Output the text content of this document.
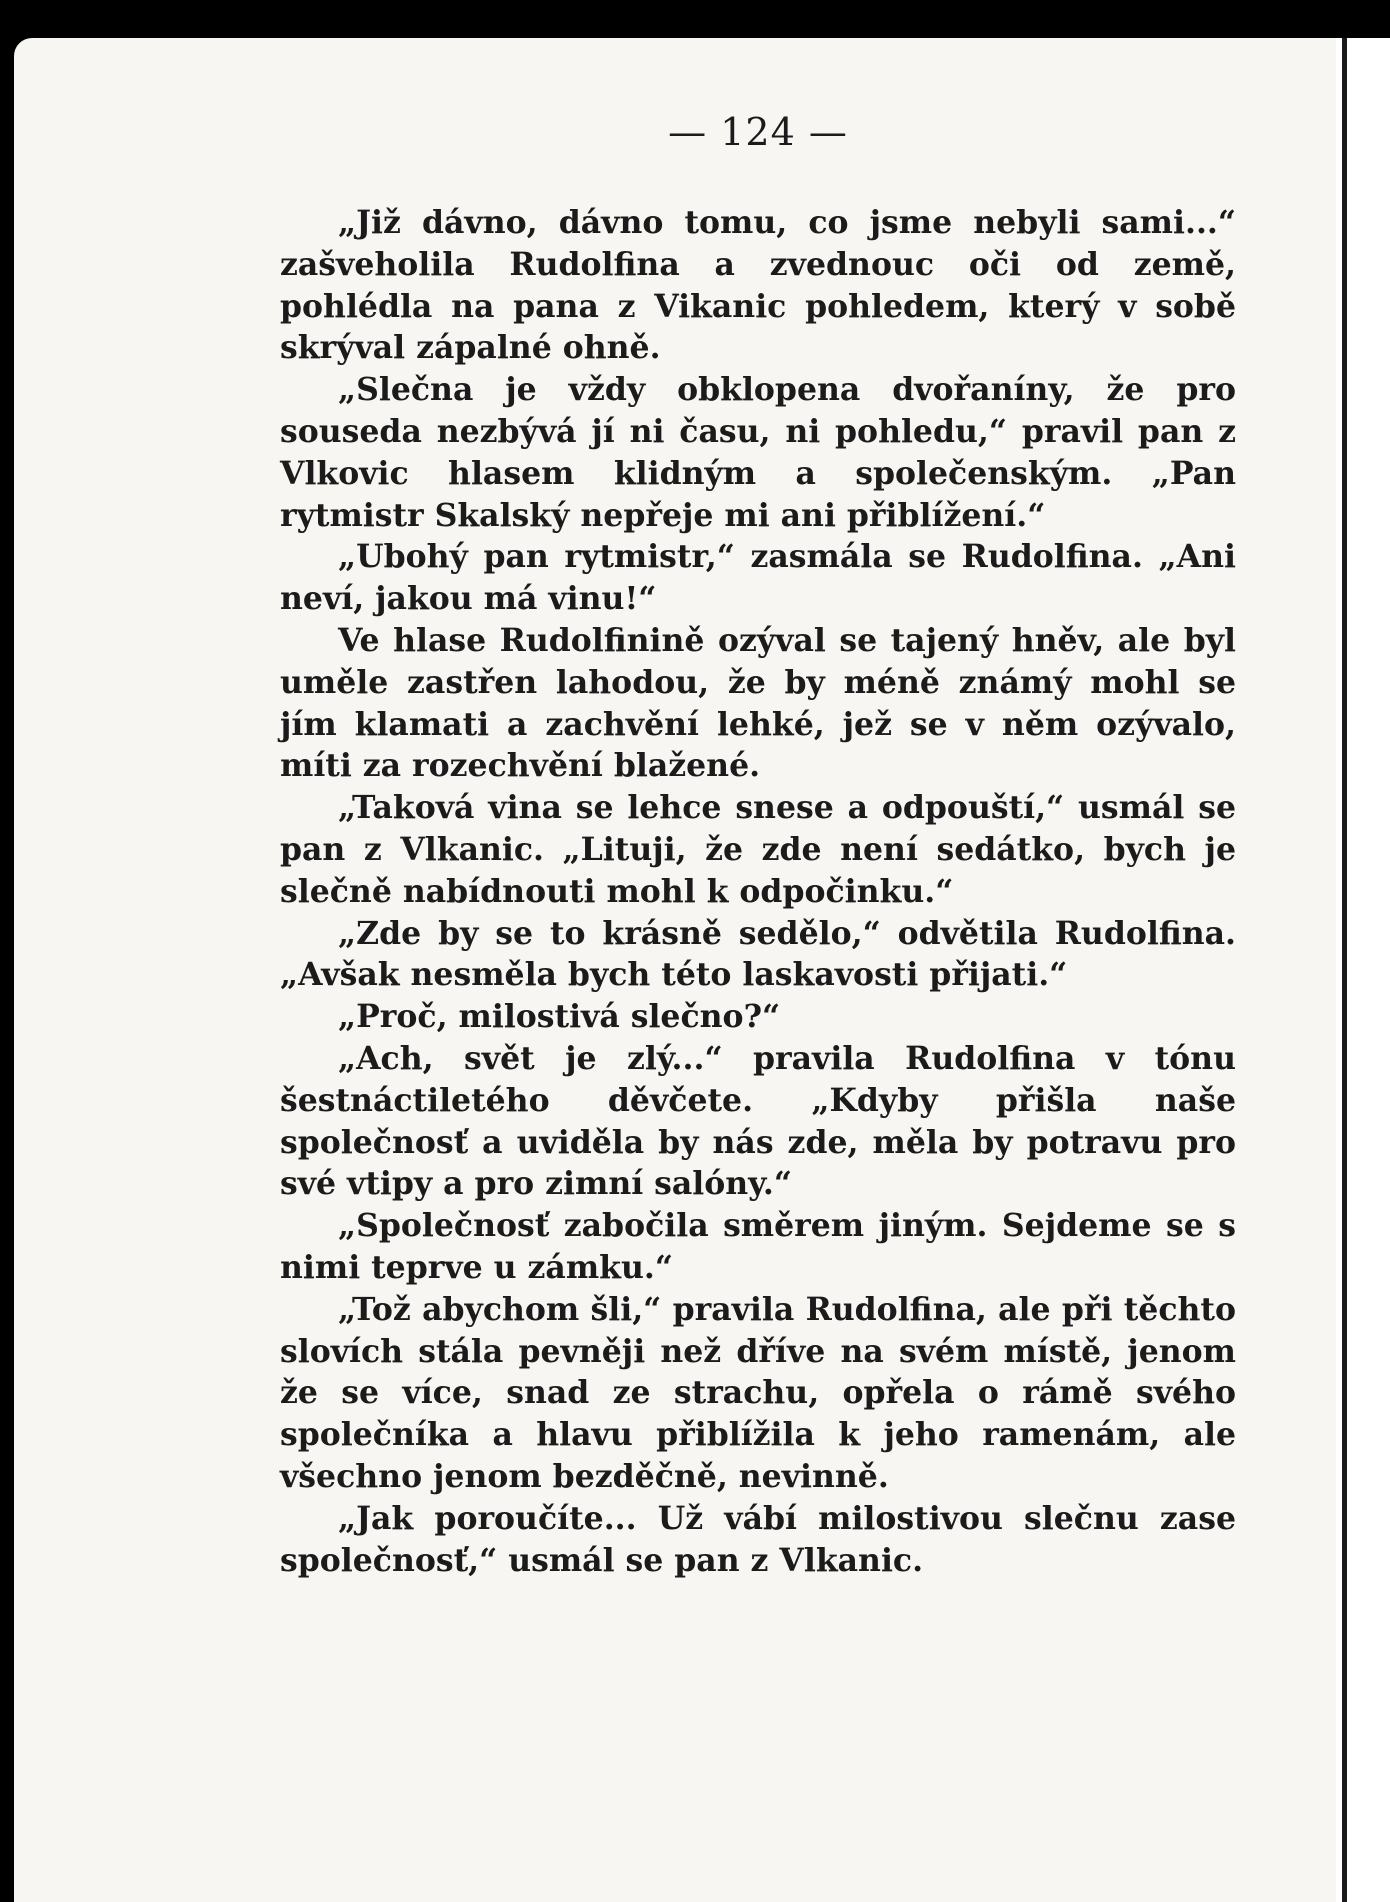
— 124 —

„Již dávno, dávno tomu, co jsme nebyli sami...“ zašveholila Rudolfina a zvednouc oči od země, pohlédla na pana z Vikanic pohledem, který v sobě skrýval zápalné ohně.

„Slečna je vždy obklopena dvořaníny, že pro souseda nezbývá jí ni času, ni pohledu,“ pravil pan z Vlkovic hlasem klidným a společenským. „Pan rytmistr Skalský nepřeje mi ani přiblížení.“

„Ubohý pan rytmistr,“ zasmála se Rudolfina. „Ani neví, jakou má vinu!“

Ve hlase Rudolfinině ozýval se tajený hněv, ale byl uměle zastřen lahodou, že by méně známý mohl se jím klamati a zachvění lehké, jež se v něm ozývalo, míti za rozechvění blažené.

„Taková vina se lehce snese a odpouští,“ usmál se pan z Vlkanic. „Lituji, že zde není sedátko, bych je slečně nabídnouti mohl k odpočinku.“

„Zde by se to krásně sedělo,“ odvětila Rudolfina. „Avšak nesměla bych této laskavosti přijati.“

„Proč, milostivá slečno?“

„Ach, svět je zlý...“ pravila Rudolfina v tónu šestnáctiletého děvčete. „Kdyby přišla naše společnosť a uviděla by nás zde, měla by potravu pro své vtipy a pro zimní salóny.“

„Společnosť zabočila směrem jiným. Sejdeme se s nimi teprve u zámku.“

„Tož abychom šli,“ pravila Rudolfina, ale při těchto slovích stála pevněji než dříve na svém místě, jenom že se více, snad ze strachu, opřela o rámě svého společníka a hlavu přiblížila k jeho ramenám, ale všechno jenom bezděčně, nevinně.

„Jak poroučíte... Už vábí milostivou slečnu zase společnosť,“ usmál se pan z Vlkanic.
